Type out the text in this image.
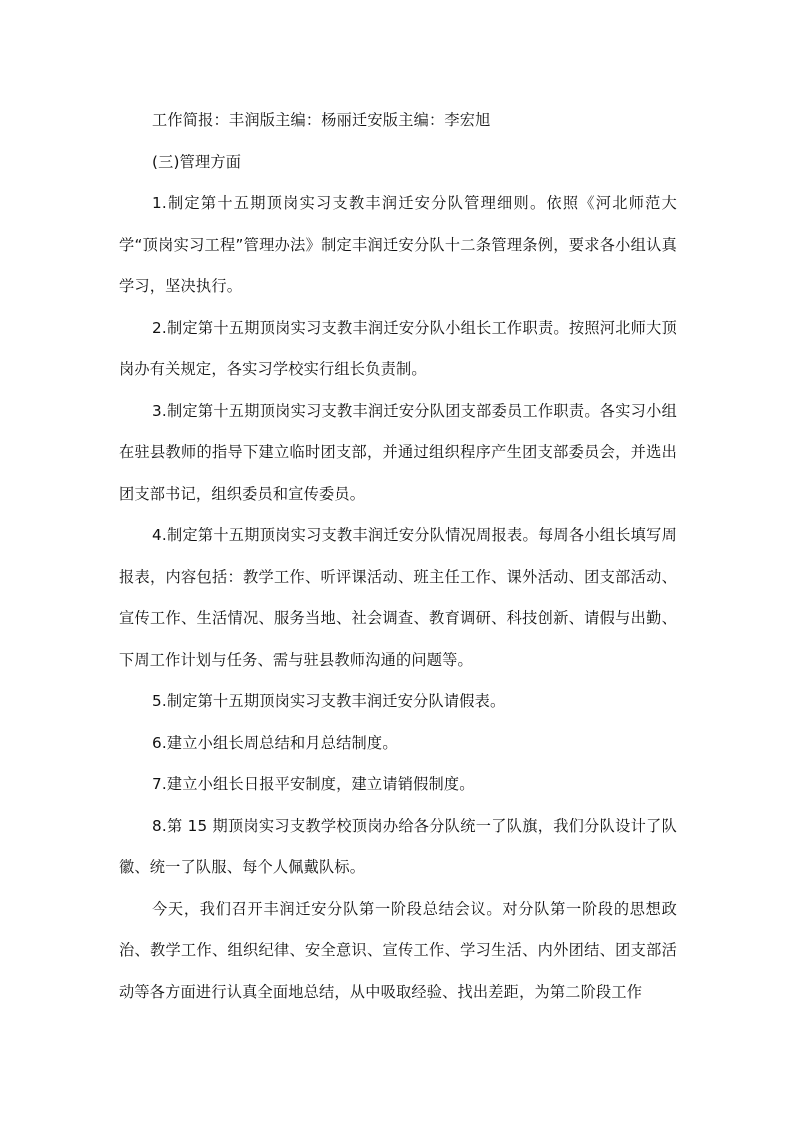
工作简报：丰润版主编：杨丽迁安版主编：李宏旭

(三)管理方面

1.制定第十五期顶岗实习支教丰润迁安分队管理细则。依照《河北师范大学“顶岗实习工程”管理办法》制定丰润迁安分队十二条管理条例，要求各小组认真学习，坚决执行。

2.制定第十五期顶岗实习支教丰润迁安分队小组长工作职责。按照河北师大顶岗办有关规定，各实习学校实行组长负责制。

3.制定第十五期顶岗实习支教丰润迁安分队团支部委员工作职责。各实习小组在驻县教师的指导下建立临时团支部，并通过组织程序产生团支部委员会，并选出团支部书记，组织委员和宣传委员。

4.制定第十五期顶岗实习支教丰润迁安分队情况周报表。每周各小组长填写周报表，内容包括：教学工作、听评课活动、班主任工作、课外活动、团支部活动、宣传工作、生活情况、服务当地、社会调查、教育调研、科技创新、请假与出勤、下周工作计划与任务、需与驻县教师沟通的问题等。

5.制定第十五期顶岗实习支教丰润迁安分队请假表。

6.建立小组长周总结和月总结制度。

7.建立小组长日报平安制度，建立请销假制度。

8.第 15 期顶岗实习支教学校顶岗办给各分队统一了队旗，我们分队设计了队徽、统一了队服、每个人佩戴队标。

今天，我们召开丰润迁安分队第一阶段总结会议。对分队第一阶段的思想政治、教学工作、组织纪律、安全意识、宣传工作、学习生活、内外团结、团支部活动等各方面进行认真全面地总结，从中吸取经验、找出差距，为第二阶段工作
